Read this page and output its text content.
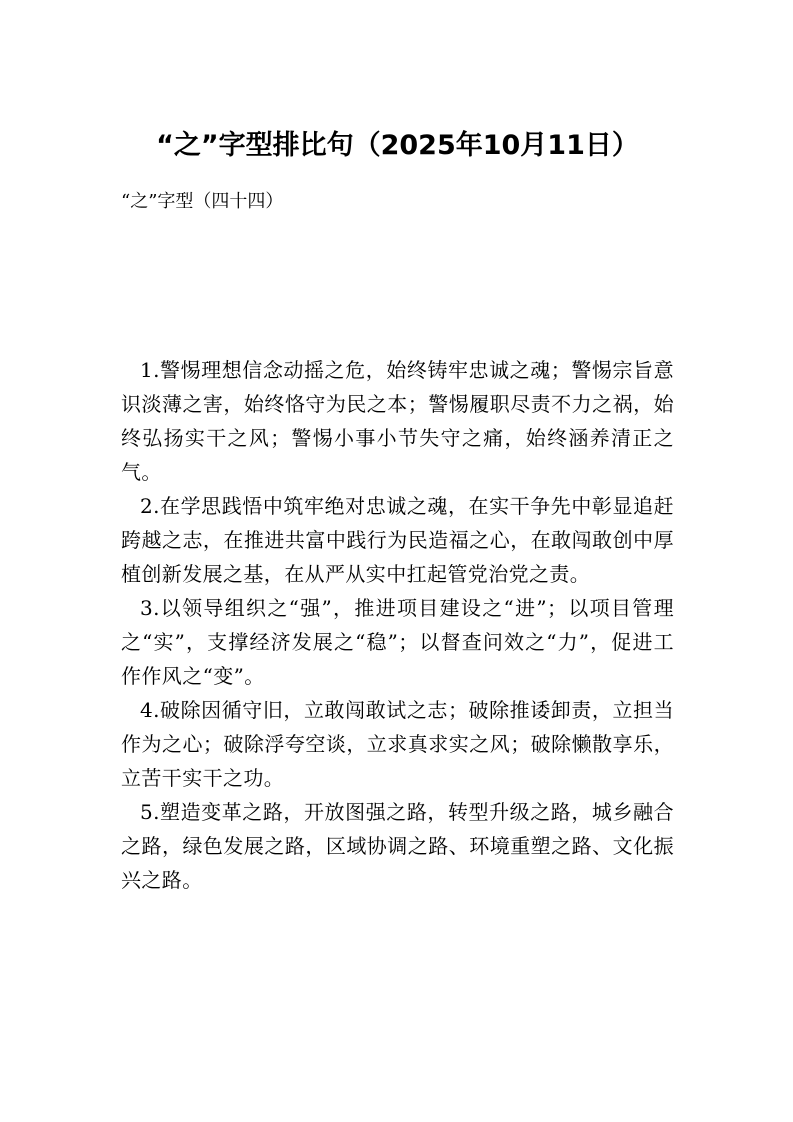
“之”字型排比句（2025年10月11日）

“之”字型（四十四）

1.警惕理想信念动摇之危，始终铸牢忠诚之魂；警惕宗旨意识淡薄之害，始终恪守为民之本；警惕履职尽责不力之祸，始终弘扬实干之风；警惕小事小节失守之痛，始终涵养清正之气。
2.在学思践悟中筑牢绝对忠诚之魂，在实干争先中彰显追赶跨越之志，在推进共富中践行为民造福之心，在敢闯敢创中厚植创新发展之基，在从严从实中扛起管党治党之责。
3.以领导组织之“强”，推进项目建设之“进”；以项目管理之“实”，支撑经济发展之“稳”；以督查问效之“力”，促进工作作风之“变”。
4.破除因循守旧，立敢闯敢试之志；破除推诿卸责，立担当作为之心；破除浮夸空谈，立求真求实之风；破除懒散享乐，立苦干实干之功。
5.塑造变革之路，开放图强之路，转型升级之路，城乡融合之路，绿色发展之路，区域协调之路、环境重塑之路、文化振兴之路。
